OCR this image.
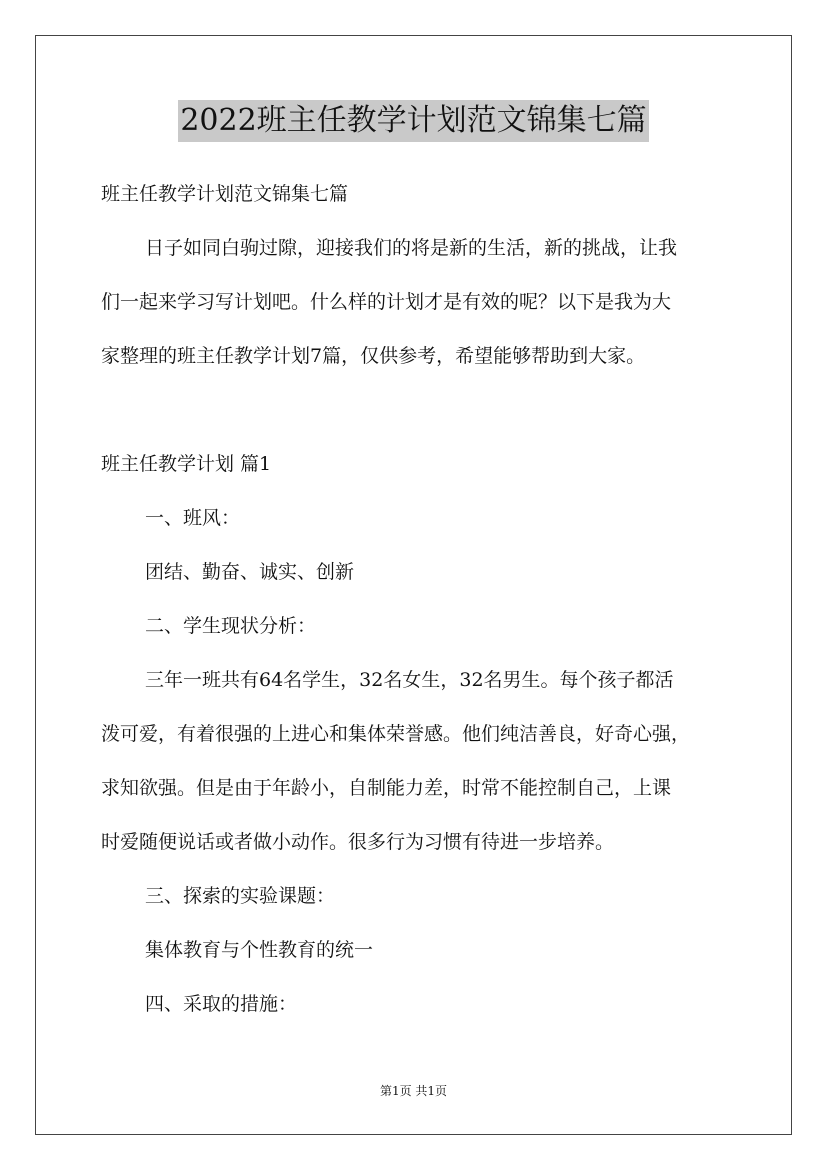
2022班主任教学计划范文锦集七篇
班主任教学计划范文锦集七篇
日子如同白驹过隙，迎接我们的将是新的生活，新的挑战，让我
们一起来学习写计划吧。什么样的计划才是有效的呢？以下是我为大
家整理的班主任教学计划7篇，仅供参考，希望能够帮助到大家。
班主任教学计划 篇1
一、班风：
团结、勤奋、诚实、创新
二、学生现状分析：
三年一班共有64名学生，32名女生，32名男生。每个孩子都活
泼可爱，有着很强的上进心和集体荣誉感。他们纯洁善良，好奇心强，
求知欲强。但是由于年龄小，自制能力差，时常不能控制自己，上课
时爱随便说话或者做小动作。很多行为习惯有待进一步培养。
三、探索的实验课题：
集体教育与个性教育的统一
四、采取的措施：
第1页 共1页
